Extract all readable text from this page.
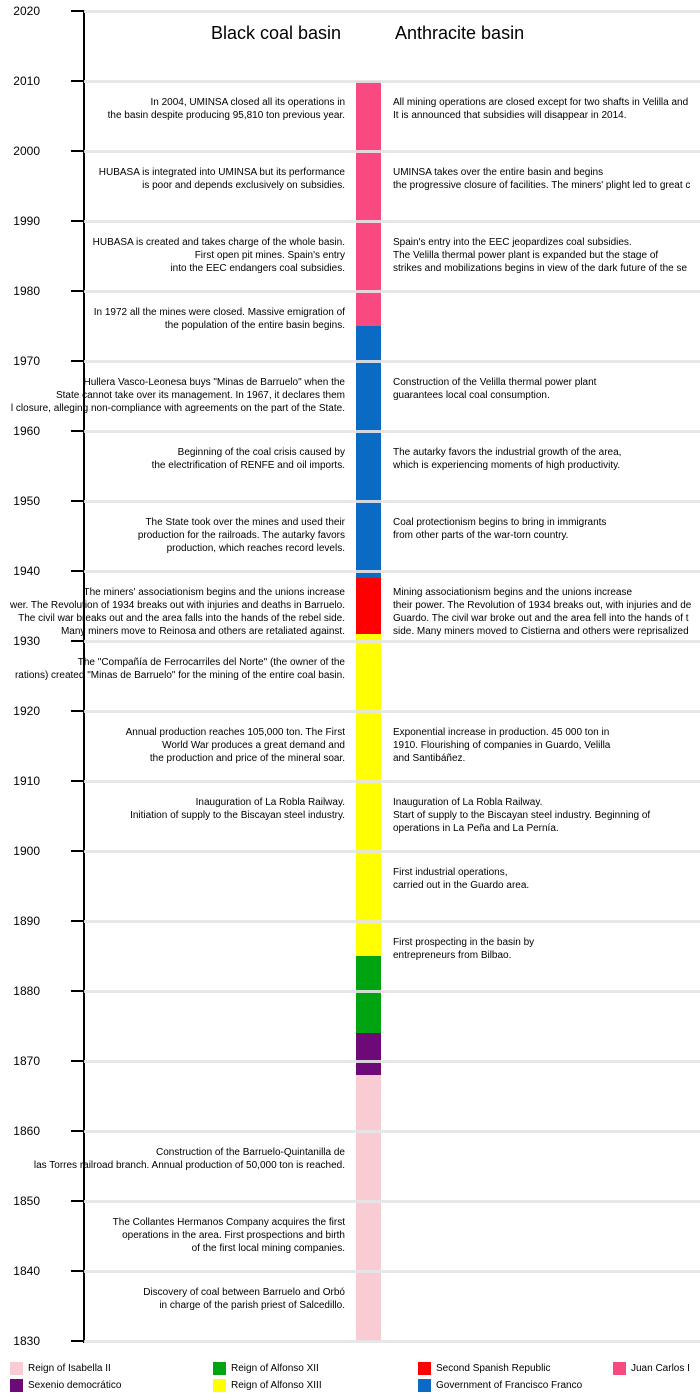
Black coal basin	Anthracite basin
2020
2010
2000
1990
1980
1970
1960
1950
1940
1930
1920
1910
1900
1890
1880
1870
1860
1850
1840
1830
In 2004, UMINSA closed all its operations in
the basin despite producing 95,810 ton previous year.
HUBASA is integrated into UMINSA but its performance
is poor and depends exclusively on subsidies.
HUBASA is created and takes charge of the whole basin.
First open pit mines. Spain's entry
into the EEC endangers coal subsidies.
In 1972 all the mines were closed. Massive emigration of
the population of the entire basin begins.
Hullera Vasco-Leonesa buys "Minas de Barruelo" when the
State cannot take over its management. In 1967, it declares them
l closure, alleging non-compliance with agreements on the part of the State.
Beginning of the coal crisis caused by
the electrification of RENFE and oil imports.
The State took over the mines and used their
production for the railroads. The autarky favors
production, which reaches record levels.
The miners' associationism begins and the unions increase
wer. The Revolution of 1934 breaks out with injuries and deaths in Barruelo.
The civil war breaks out and the area falls into the hands of the rebel side.
Many miners move to Reinosa and others are retaliated against.
The "Compañía de Ferrocarriles del Norte" (the owner of the
rations) created "Minas de Barruelo" for the mining of the entire coal basin.
Annual production reaches 105,000 ton. The First
World War produces a great demand and
the production and price of the mineral soar.
Inauguration of La Robla Railway.
Initiation of supply to the Biscayan steel industry.
Construction of the Barruelo-Quintanilla de
las Torres railroad branch. Annual production of 50,000 ton is reached.
The Collantes Hermanos Company acquires the first
operations in the area. First prospections and birth
of the first local mining companies.
Discovery of coal between Barruelo and Orbó
in charge of the parish priest of Salcedillo.
All mining operations are closed except for two shafts in Velilla and
It is announced that subsidies will disappear in 2014.
UMINSA takes over the entire basin and begins
the progressive closure of facilities. The miners' plight led to great c
Spain's entry into the EEC jeopardizes coal subsidies.
The Velilla thermal power plant is expanded but the stage of
strikes and mobilizations begins in view of the dark future of the se
Construction of the Velilla thermal power plant
guarantees local coal consumption.
The autarky favors the industrial growth of the area,
which is experiencing moments of high productivity.
Coal protectionism begins to bring in immigrants
from other parts of the war-torn country.
Mining associationism begins and the unions increase
their power. The Revolution of 1934 breaks out, with injuries and de
Guardo. The civil war broke out and the area fell into the hands of t
side. Many miners moved to Cistierna and others were reprisalized
Exponential increase in production. 45 000 ton in
1910. Flourishing of companies in Guardo, Velilla
and Santibáñez.
Inauguration of La Robla Railway.
Start of supply to the Biscayan steel industry. Beginning of
operations in La Peña and La Pernía.
First industrial operations,
carried out in the Guardo area.
First prospecting in the basin by
entrepreneurs from Bilbao.
Reign of Isabella II
Sexenio democrático
Reign of Alfonso XII
Reign of Alfonso XIII
Second Spanish Republic
Government of Francisco Franco
Juan Carlos I
